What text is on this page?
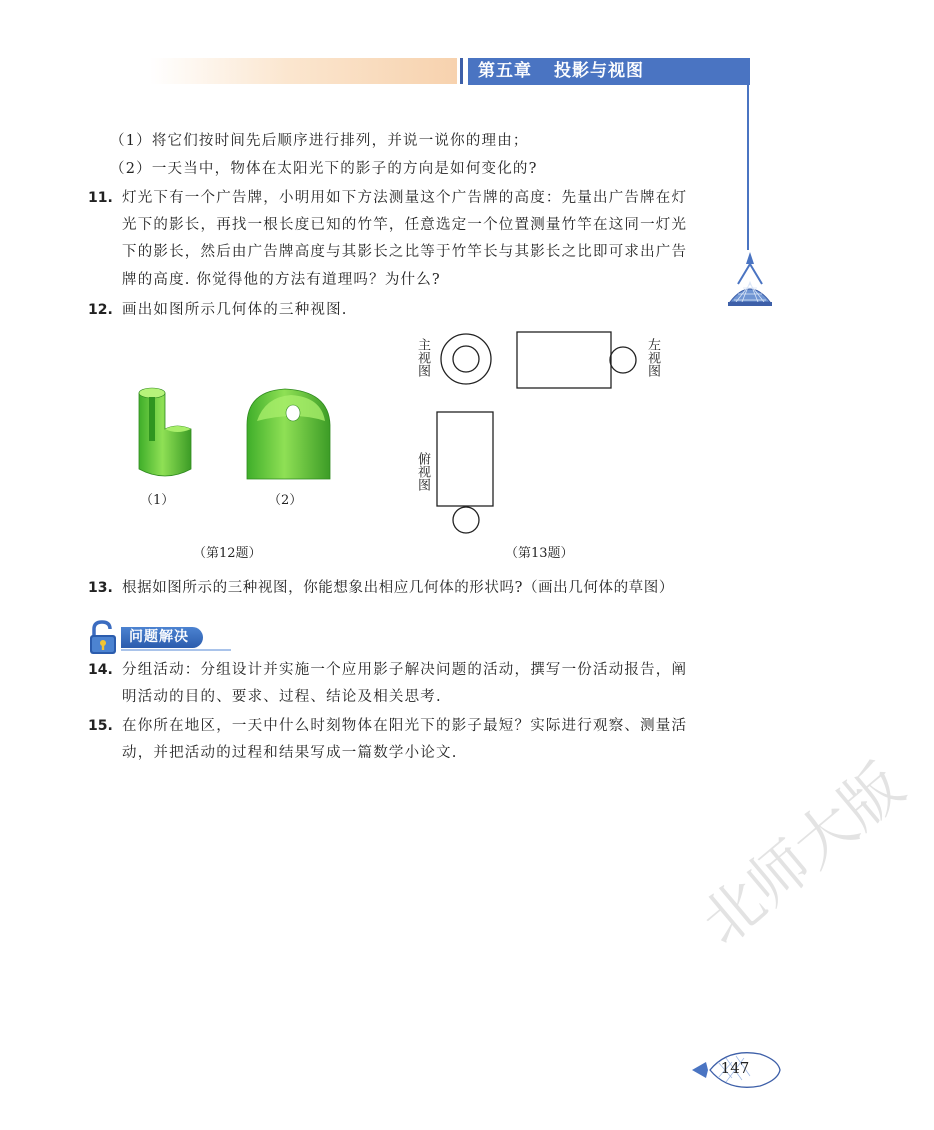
第五章 投影与视图
（1）将它们按时间先后顺序进行排列，并说一说你的理由；
（2）一天当中，物体在太阳光下的影子的方向是如何变化的?
11. 灯光下有一个广告牌，小明用如下方法测量这个广告牌的高度：先量出广告牌在灯
光下的影长，再找一根长度已知的竹竿，任意选定一个位置测量竹竿在这同一灯光
下的影长，然后由广告牌高度与其影长之比等于竹竿长与其影长之比即可求出广告
牌的高度. 你觉得他的方法有道理吗？为什么?
12. 画出如图所示几何体的三种视图.
（1）	（2）
（第12题）
主视图	左视图
俯视图
（第13题）
13. 根据如图所示的三种视图，你能想象出相应几何体的形状吗?（画出几何体的草图）
问题解决
14. 分组活动：分组设计并实施一个应用影子解决问题的活动，撰写一份活动报告，阐
明活动的目的、要求、过程、结论及相关思考.
15. 在你所在地区，一天中什么时刻物体在阳光下的影子最短？实际进行观察、测量活
动，并把活动的过程和结果写成一篇数学小论文.	北师大版
147
